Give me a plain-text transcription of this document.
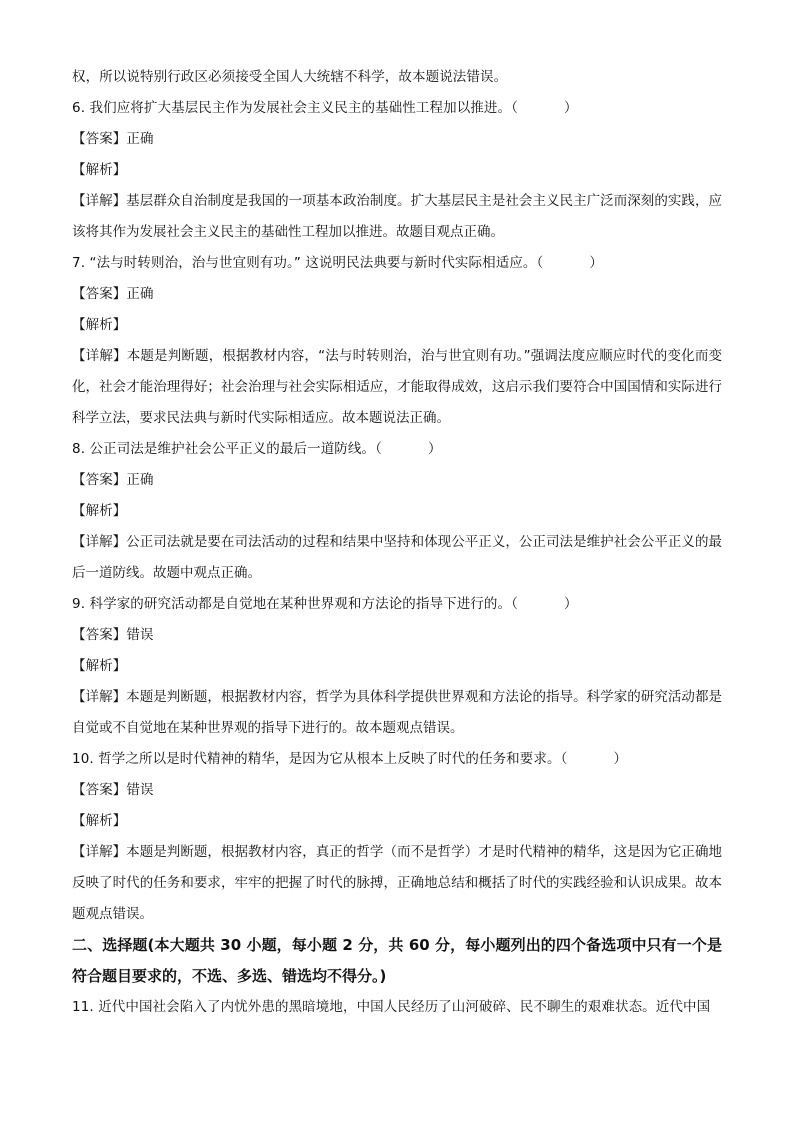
权，所以说特别行政区必须接受全国人大统辖不科学，故本题说法错误。
6. 我们应将扩大基层民主作为发展社会主义民主的基础性工程加以推进。（	）
【答案】正确
【解析】
【详解】基层群众自治制度是我国的一项基本政治制度。扩大基层民主是社会主义民主广泛而深刻的实践，应该将其作为发展社会主义民主的基础性工程加以推进。故题目观点正确。
7. “法与时转则治，治与世宜则有功。” 这说明民法典要与新时代实际相适应。（	）
【答案】正确
【解析】
【详解】本题是判断题，根据教材内容，“法与时转则治，治与世宜则有功。”强调法度应顺应时代的变化而变化，社会才能治理得好；社会治理与社会实际相适应，才能取得成效，这启示我们要符合中国国情和实际进行科学立法，要求民法典与新时代实际相适应。故本题说法正确。
8. 公正司法是维护社会公平正义的最后一道防线。（	）
【答案】正确
【解析】
【详解】公正司法就是要在司法活动的过程和结果中坚持和体现公平正义，公正司法是维护社会公平正义的最后一道防线。故题中观点正确。
9. 科学家的研究活动都是自觉地在某种世界观和方法论的指导下进行的。（	）
【答案】错误
【解析】
【详解】本题是判断题，根据教材内容，哲学为具体科学提供世界观和方法论的指导。科学家的研究活动都是自觉或不自觉地在某种世界观的指导下进行的。故本题观点错误。
10. 哲学之所以是时代精神的精华，是因为它从根本上反映了时代的任务和要求。（	）
【答案】错误
【解析】
【详解】本题是判断题，根据教材内容，真正的哲学（而不是哲学）才是时代精神的精华，这是因为它正确地反映了时代的任务和要求，牢牢的把握了时代的脉搏，正确地总结和概括了时代的实践经验和认识成果。故本题观点错误。
二、选择题(本大题共 30 小题，每小题 2 分，共 60 分，每小题列出的四个备选项中只有一个是符合题目要求的，不选、多选、错选均不得分。)
11. 近代中国社会陷入了内忧外患的黑暗境地，中国人民经历了山河破碎、民不聊生的艰难状态。近代中国
